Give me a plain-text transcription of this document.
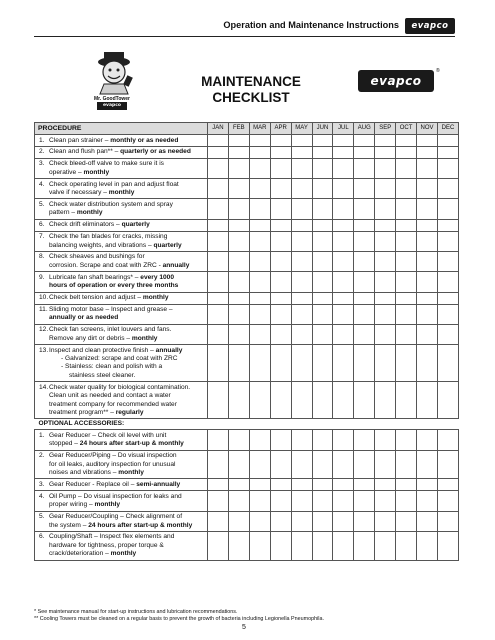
Operation and Maintenance Instructions evapco
Mr. GoodTower
evapco
MAINTENANCE
CHECKLIST
evapco
®
PROCEDURE	JAN	FEB	MAR	APR	MAY	JUN	JUL	AUG	SEP	OCT	NOV	DEC
1. Clean pan strainer – monthly or as needed												
2. Clean and flush pan** – quarterly or as needed												
3. Check bleed-off valve to make sure it is
operative – monthly												

4. Check operating level in pan and adjust float
valve if necessary – monthly												

5. Check water distribution system and spray
pattern – monthly												

6. Check drift eliminators – quarterly												
7. Check the fan blades for cracks, missing
balancing weights, and vibrations – quarterly												

8. Check sheaves and bushings for
corrosion. Scrape and coat with ZRC - annually												

9. Lubricate fan shaft bearings* – every 1000
hours of operation or every three months												

10.Check belt tension and adjust – monthly												
11.Sliding motor base – Inspect and grease –
annually or as needed												

12.Check fan screens, inlet louvers and fans.
Remove any dirt or debris – monthly												

13.Inspect and clean protective finish – annually
- Galvanized: scrape and coat with ZRC
- Stainless: clean and polish with a
stainless steel cleaner.												

14.Check water quality for biological contamination.
Clean unit as needed and contact a water
treatment company for recommended water
treatment program** – regularly												

OPTIONAL ACCESSORIES:												
1. Gear Reducer – Check oil level with unit
stopped – 24 hours after start-up & monthly												

2. Gear Reducer/Piping – Do visual inspection
for oil leaks, auditory inspection for unusual
noises and vibrations – monthly												

3. Gear Reducer - Replace oil – semi-annually												
4. Oil Pump – Do visual inspection for leaks and
proper wiring – monthly												

5. Gear Reducer/Coupling – Check alignment of
the system – 24 hours after start-up & monthly												

6. Coupling/Shaft – Inspect flex elements and
hardware for tightness, proper torque &
crack/deterioration – monthly												

* See maintenance manual for start-up instructions and lubrication recommendations.
** Cooling Towers must be cleaned on a regular basis to prevent the growth of bacteria including Legionella Pneumophila.
5
